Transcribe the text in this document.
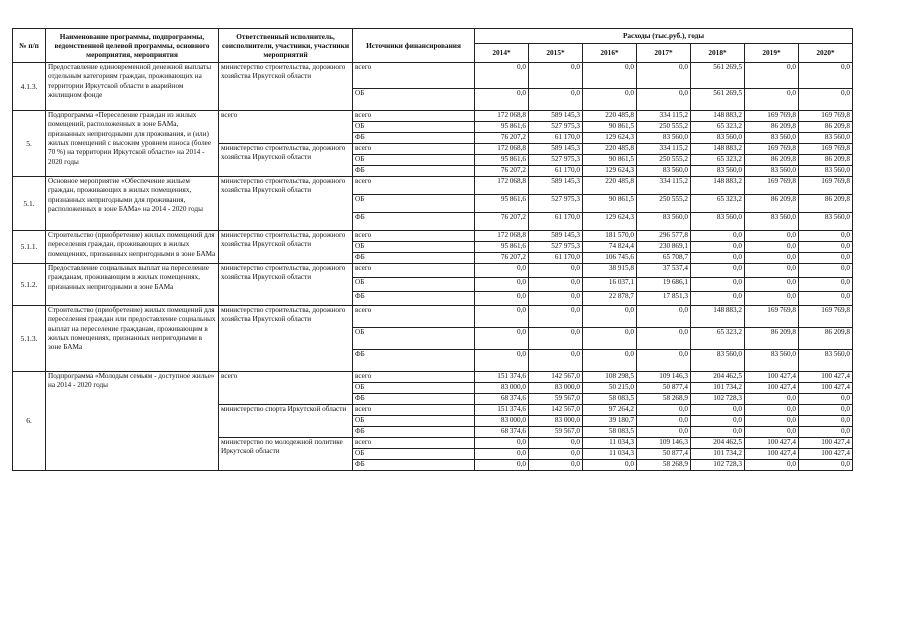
№ п/п	Наименование программы, подпрограммы, ведомственной целевой программы, основного мероприятия, мероприятия	Ответственный исполнитель, соисполнители, участники, участники мероприятий	Источники финансирования	Расходы (тыс.руб.), годы						
				2014*	2015*	2016*	2017*	2018*	2019*	2020*
4.1.3.	Предоставление единовременной денежной выплаты отдельным категориям граждан, проживающих на территории Иркутской области в аварийном жилищном фонде	министерство строительства, дорожного хозяйства Иркутской области	всего	0,0	0,0	0,0	0,0	561 269,5	0,0	0,0
			ОБ	0,0	0,0	0,0	0,0	561 269,5	0,0	0,0
5.	Подпрограмма «Переселение граждан из жилых помещений, расположенных в зоне БАМа, признанных непригодными для проживания, и (или) жилых помещений с высоким уровнем износа (более 70 %) на территории Иркутской области» на 2014 - 2020 годы	всего	всего	172 068,8	589 145,3	220 485,8	334 115,2	148 883,2	169 769,8	169 769,8
			ОБ	95 861,6	527 975,3	90 861,5	250 555,2	65 323,2	86 209,8	86 209,8
			ФБ	76 207,2	61 170,0	129 624,3	83 560,0	83 560,0	83 560,0	83 560,0
		министерство строительства, дорожного хозяйства Иркутской области	всего	172 068,8	589 145,3	220 485,8	334 115,2	148 883,2	169 769,8	169 769,8
			ОБ	95 861,6	527 975,3	90 861,5	250 555,2	65 323,2	86 209,8	86 209,8
			ФБ	76 207,2	61 170,0	129 624,3	83 560,0	83 560,0	83 560,0	83 560,0
5.1.	Основное мероприятие «Обеспечение жильем граждан, проживающих в жилых помещениях, признанных непригодными для проживания, расположенных в зоне БАМа» на 2014 - 2020 годы	министерство строительства, дорожного хозяйства Иркутской области	всего	172 068,8	589 145,3	220 485,8	334 115,2	148 883,2	169 769,8	169 769,8
			ОБ	95 861,6	527 975,3	90 861,5	250 555,2	65 323,2	86 209,8	86 209,8
			ФБ	76 207,2	61 170,0	129 624,3	83 560,0	83 560,0	83 560,0	83 560,0
5.1.1.	Строительство (приобретение) жилых помещений для переселения граждан, проживающих в жилых помещениях, признанных непригодными в зоне БАМа	министерство строительства, дорожного хозяйства Иркутской области	всего	172 068,8	589 145,3	181 570,0	296 577,8	0,0	0,0	0,0
			ОБ	95 861,6	527 975,3	74 824,4	230 869,1	0,0	0,0	0,0
			ФБ	76 207,2	61 170,0	106 745,6	65 708,7	0,0	0,0	0,0
5.1.2.	Предоставление социальных выплат на переселение гражданам, проживающим в жилых помещениях, признанных непригодными в зоне БАМа	министерство строительства, дорожного хозяйства Иркутской области	всего	0,0	0,0	38 915,8	37 537,4	0,0	0,0	0,0
			ОБ	0,0	0,0	16 037,1	19 686,1	0,0	0,0	0,0
			ФБ	0,0	0,0	22 878,7	17 851,3	0,0	0,0	0,0
5.1.3.	Строительство (приобретение) жилых помещений для переселения граждан или предоставление социальных выплат на переселение гражданам, проживающим в жилых помещениях, признанных непригодными в зоне БАМа	министерство строительства, дорожного хозяйства Иркутской области	всего	0,0	0,0	0,0	0,0	148 883,2	169 769,8	169 769,8
			ОБ	0,0	0,0	0,0	0,0	65 323,2	86 209,8	86 209,8
			ФБ	0,0	0,0	0,0	0,0	83 560,0	83 560,0	83 560,0
6.	Подпрограмма «Молодым семьям - доступное жилье» на 2014 - 2020 годы	всего	всего	151 374,6	142 567,0	108 298,5	109 146,3	204 462,5	100 427,4	100 427,4
			ОБ	83 000,0	83 000,0	50 215,0	50 877,4	101 734,2	100 427,4	100 427,4
			ФБ	68 374,6	59 567,0	58 083,5	58 268,9	102 728,3	0,0	0,0
		министерство спорта Иркутской области	всего	151 374,6	142 567,0	97 264,2	0,0	0,0	0,0	0,0
			ОБ	83 000,0	83 000,0	39 180,7	0,0	0,0	0,0	0,0
			ФБ	68 374,6	59 567,0	58 083,5	0,0	0,0	0,0	0,0
		министерство по молодежной политике Иркутской области	всего	0,0	0,0	11 034,3	109 146,3	204 462,5	100 427,4	100 427,4
			ОБ	0,0	0,0	11 034,3	50 877,4	101 734,2	100 427,4	100 427,4
			ФБ	0,0	0,0	0,0	58 268,9	102 728,3	0,0	0,0
